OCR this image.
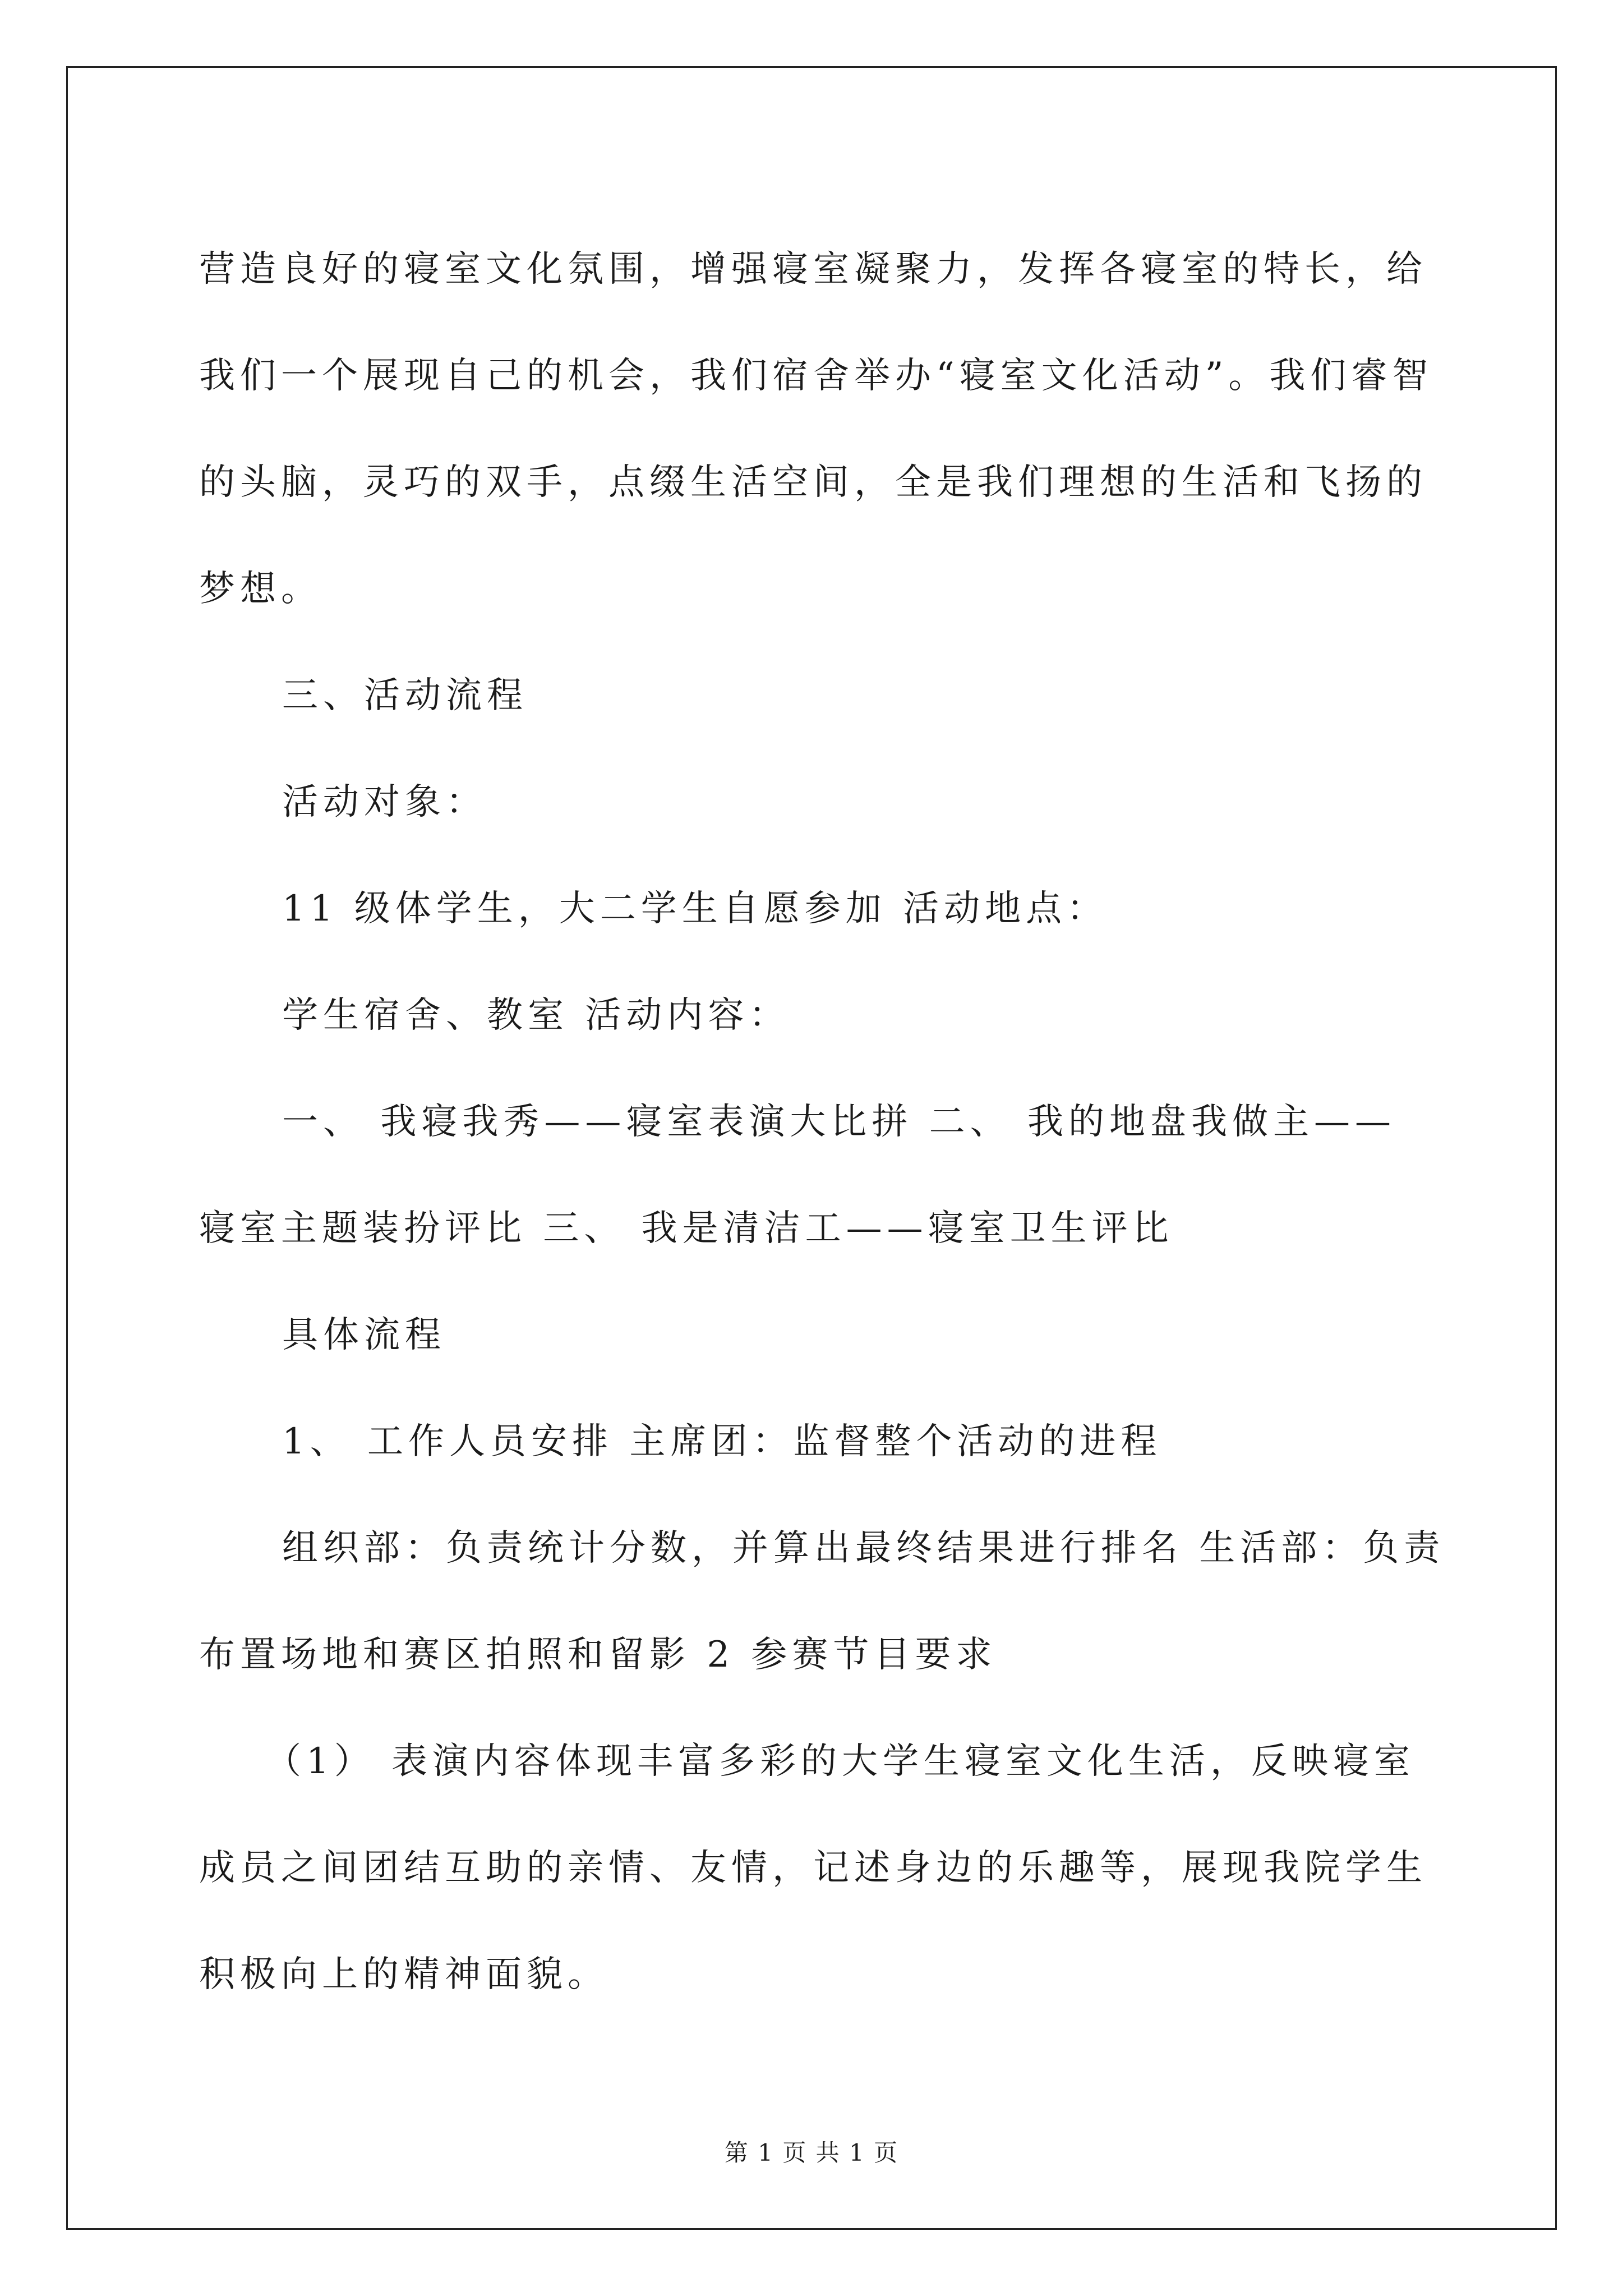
营造良好的寝室文化氛围，增强寝室凝聚力，发挥各寝室的特长，给

我们一个展现自己的机会，我们宿舍举办“寝室文化活动”。我们睿智

的头脑，灵巧的双手，点缀生活空间，全是我们理想的生活和飞扬的

梦想。

三、活动流程

活动对象：

11 级体学生，大二学生自愿参加 活动地点：

学生宿舍、教室 活动内容：

一、 我寝我秀——寝室表演大比拼 二、 我的地盘我做主——

寝室主题装扮评比 三、 我是清洁工——寝室卫生评比

具体流程

1、 工作人员安排 主席团：监督整个活动的进程

组织部：负责统计分数，并算出最终结果进行排名 生活部：负责

布置场地和赛区拍照和留影 2 参赛节目要求

（1） 表演内容体现丰富多彩的大学生寝室文化生活，反映寝室

成员之间团结互助的亲情、友情，记述身边的乐趣等，展现我院学生

积极向上的精神面貌。

第 1 页 共 1 页
